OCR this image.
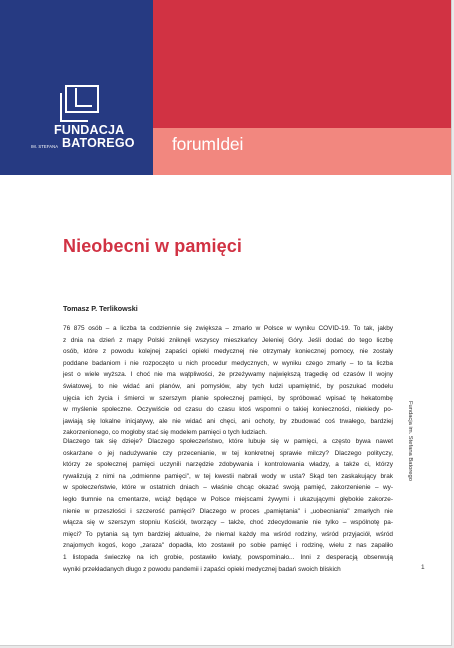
FUNDACJA
IM. STEFANA BATOREGO forumIdei
Nieobecni w pamięci
Tomasz P. Terlikowski
76 875 osób – a liczba ta codziennie się zwiększa – zmarło w Polsce w wyniku COVID-19. To tak, jakby
z dnia na dzień z mapy Polski zniknęli wszyscy mieszkańcy Jeleniej Góry. Jeśli dodać do tego liczbę
osób, które z powodu kolejnej zapaści opieki medycznej nie otrzymały koniecznej pomocy, nie zostały
poddane badaniom i nie rozpoczęto u nich procedur medycznych, w wyniku czego zmarły – to ta liczba
jest o wiele wyższa. I choć nie ma wątpliwości, że przeżywamy największą tragedię od czasów II wojny
światowej, to nie widać ani planów, ani pomysłów, aby tych ludzi upamiętnić, by poszukać modelu
ujęcia ich życia i śmierci w szerszym planie społecznej pamięci, by spróbować wpisać tę hekatombę
w myślenie społeczne. Oczywiście od czasu do czasu ktoś wspomni o takiej konieczności, niekiedy po-
jawiają się lokalne inicjatywy, ale nie widać ani chęci, ani ochoty, by zbudować coś trwałego, bardziej
zakorzenionego, co mogłoby stać się modelem pamięci o tych ludziach.
Dlaczego tak się dzieje? Dlaczego społeczeństwo, które lubuje się w pamięci, a często bywa nawet
oskarżane o jej nadużywanie czy przecenianie, w tej konkretnej sprawie milczy? Dlaczego polityczy,
którzy ze społecznej pamięci uczynili narzędzie zdobywania i kontrolowania władzy, a także ci, którzy
rywalizują z nimi na „odmienne pamięci", w tej kwestii nabrali wody w usta? Skąd ten zaskakujący brak
w społeczeństwie, które w ostatnich dniach – właśnie chcąc okazać swoją pamięć, zakorzenienie – wy-
legło tłumnie na cmentarze, wciąż będące w Polsce miejscami żywymi i ukazującymi głębokie zakorze-
nienie w przeszłości i szczerość pamięci? Dlaczego w proces „pamiętania" i „uobecniania" zmarłych nie
włącza się w szerszym stopniu Kościół, tworzący – także, choć zdecydowanie nie tylko – wspólnotę pa-
mięci? To pytania są tym bardziej aktualne, że niemal każdy ma wśród rodziny, wśród przyjaciół, wśród
znajomych kogoś, kogo „zaraza" dopadła, kto zostawił po sobie pamięć i rodzinę, wielu z nas zapaliło
1 listopada świeczkę na ich grobie, postawiło kwiaty, powspominało... Inni z desperacją obserwują
wyniki przekładanych długo z powodu pandemii i zapaści opieki medycznej badań swoich bliskich
Fundacja im. Stefana Batorego
1
